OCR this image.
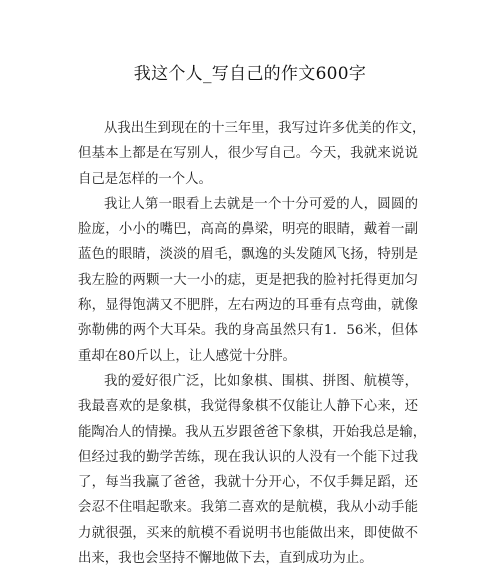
我这个人_写自己的作文600字

从我出生到现在的十三年里，我写过许多优美的作文，
但基本上都是在写别人，很少写自己。今天，我就来说说
自己是怎样的一个人。

我让人第一眼看上去就是一个十分可爱的人，圆圆的
脸庞，小小的嘴巴，高高的鼻梁，明亮的眼睛，戴着一副
蓝色的眼睛，淡淡的眉毛，飘逸的头发随风飞扬，特别是
我左脸的两颗一大一小的痣，更是把我的脸衬托得更加匀
称，显得饱满又不肥胖，左右两边的耳垂有点弯曲，就像
弥勒佛的两个大耳朵。我的身高虽然只有1．56米，但体
重却在80斤以上，让人感觉十分胖。

我的爱好很广泛，比如象棋、围棋、拼图、航模等，
我最喜欢的是象棋，我觉得象棋不仅能让人静下心来，还
能陶冶人的情操。我从五岁跟爸爸下象棋，开始我总是输，
但经过我的勤学苦练，现在我认识的人没有一个能下过我
了，每当我赢了爸爸，我就十分开心，不仅手舞足蹈，还
会忍不住唱起歌来。我第二喜欢的是航模，我从小动手能
力就很强，买来的航模不看说明书也能做出来，即使做不
出来，我也会坚持不懈地做下去，直到成功为止。
